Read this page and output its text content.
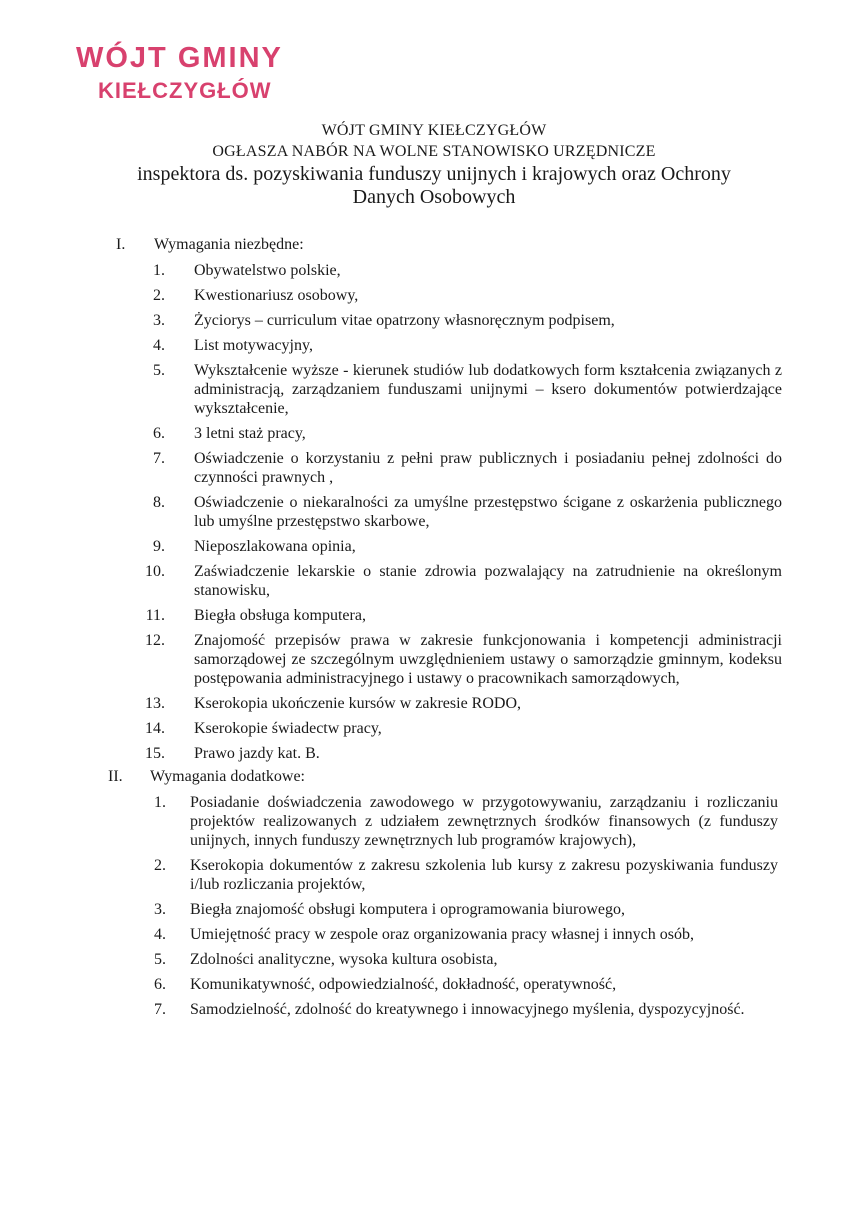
WÓJT GMINY
KIEŁCZYGŁÓW
WÓJT GMINY KIEŁCZYGŁÓW
OGŁASZA NABÓR NA WOLNE STANOWISKO URZĘDNICZE
inspektora ds. pozyskiwania funduszy unijnych i krajowych oraz Ochrony Danych Osobowych
I. Wymagania niezbędne:
1. Obywatelstwo polskie,
2. Kwestionariusz osobowy,
3. Życiorys – curriculum vitae opatrzony własnoręcznym podpisem,
4. List motywacyjny,
5. Wykształcenie wyższe - kierunek studiów lub dodatkowych form kształcenia związanych z administracją, zarządzaniem funduszami unijnymi – ksero dokumentów potwierdzające wykształcenie,
6. 3 letni staż pracy,
7. Oświadczenie o korzystaniu z pełni praw publicznych i posiadaniu pełnej zdolności do czynności prawnych ,
8. Oświadczenie o niekaralności za umyślne przestępstwo ścigane z oskarżenia publicznego lub umyślne przestępstwo skarbowe,
9. Nieposzlakowana opinia,
10. Zaświadczenie lekarskie o stanie zdrowia pozwalający na zatrudnienie na określonym stanowisku,
11. Biegła obsługa komputera,
12. Znajomość przepisów prawa w zakresie funkcjonowania i kompetencji administracji samorządowej ze szczególnym uwzględnieniem ustawy o samorządzie gminnym, kodeksu postępowania administracyjnego i ustawy o pracownikach samorządowych,
13. Kserokopia ukończenie kursów w zakresie RODO,
14. Kserokopie świadectw pracy,
15. Prawo jazdy kat. B.
II. Wymagania dodatkowe:
1. Posiadanie doświadczenia zawodowego w przygotowywaniu, zarządzaniu i rozliczaniu projektów realizowanych z udziałem zewnętrznych środków finansowych (z funduszy unijnych, innych funduszy zewnętrznych lub programów krajowych),
2. Kserokopia dokumentów z zakresu szkolenia lub kursy z zakresu pozyskiwania funduszy i/lub rozliczania projektów,
3. Biegła znajomość obsługi komputera i oprogramowania biurowego,
4. Umiejętność pracy w zespole oraz organizowania pracy własnej i innych osób,
5. Zdolności analityczne, wysoka kultura osobista,
6. Komunikatywność, odpowiedzialność, dokładność, operatywność,
7. Samodzielność, zdolność do kreatywnego i innowacyjnego myślenia, dyspozycyjność.
